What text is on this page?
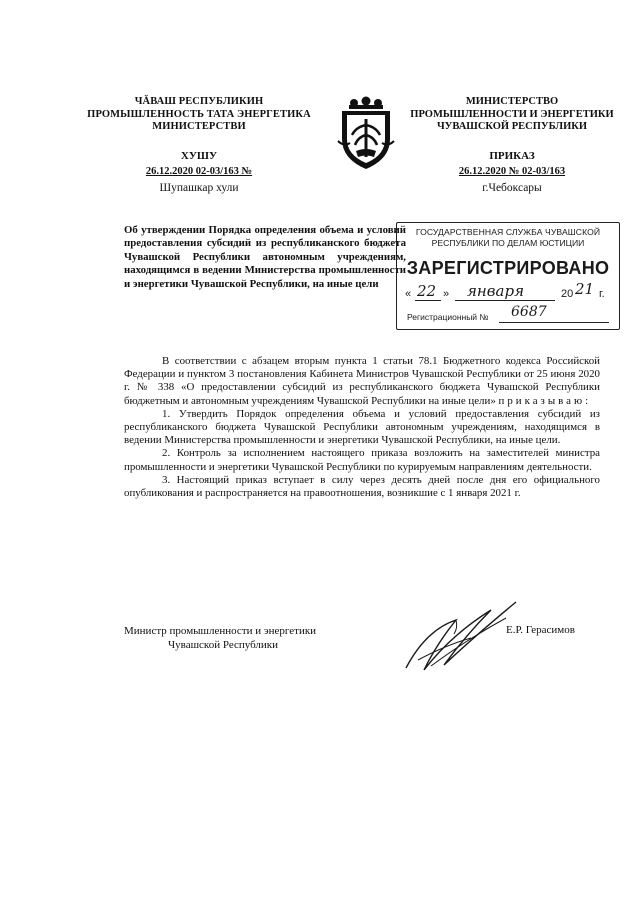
ЧĂВАШ РЕСПУБЛИКИН
ПРОМЫШЛЕННОСТЬ ТАТА ЭНЕРГЕТИКА
МИНИСТЕРСТВИ
ХУШУ
26.12.2020 02-03/163 №
Шупашкар хули
МИНИСТЕРСТВО
ПРОМЫШЛЕННОСТИ И ЭНЕРГЕТИКИ
ЧУВАШСКОЙ РЕСПУБЛИКИ
ПРИКАЗ
26.12.2020 № 02-03/163
г.Чебоксары
Об утверждении Порядка определения объема и условий предоставления субсидий из республиканского бюджета Чувашской Республики автономным учреждениям, находящимся в ведении Министерства промышленности и энергетики Чувашской Республики, на иные цели
ГОСУДАРСТВЕННАЯ СЛУЖБА ЧУВАШСКОЙ
РЕСПУБЛИКИ ПО ДЕЛАМ ЮСТИЦИИ
ЗАРЕГИСТРИРОВАНО
« 22 » января	20 21 г.
Регистрационный № 6687

В соответствии с абзацем вторым пункта 1 статьи 78.1 Бюджетного кодекса Российской Федерации и пунктом 3 постановления Кабинета Министров Чувашской Республики от 25 июня 2020 г. № 338 «О предоставлении субсидий из республиканского бюджета Чувашской Республики бюджетным и автономным учреждениям Чувашской Республики на иные цели» приказываю:

1. Утвердить Порядок определения объема и условий предоставления субсидий из республиканского бюджета Чувашской Республики автономным учреждениям, находящимся в ведении Министерства промышленности и энергетики Чувашской Республики, на иные цели.

2. Контроль за исполнением настоящего приказа возложить на заместителей министра промышленности и энергетики Чувашской Республики по курируемым направлениям деятельности.

3. Настоящий приказ вступает в силу через десять дней после дня его официального опубликования и распространяется на правоотношения, возникшие с 1 января 2021 г.

Министр промышленности и энергетики
Чувашской Республики
Е.Р. Герасимов
